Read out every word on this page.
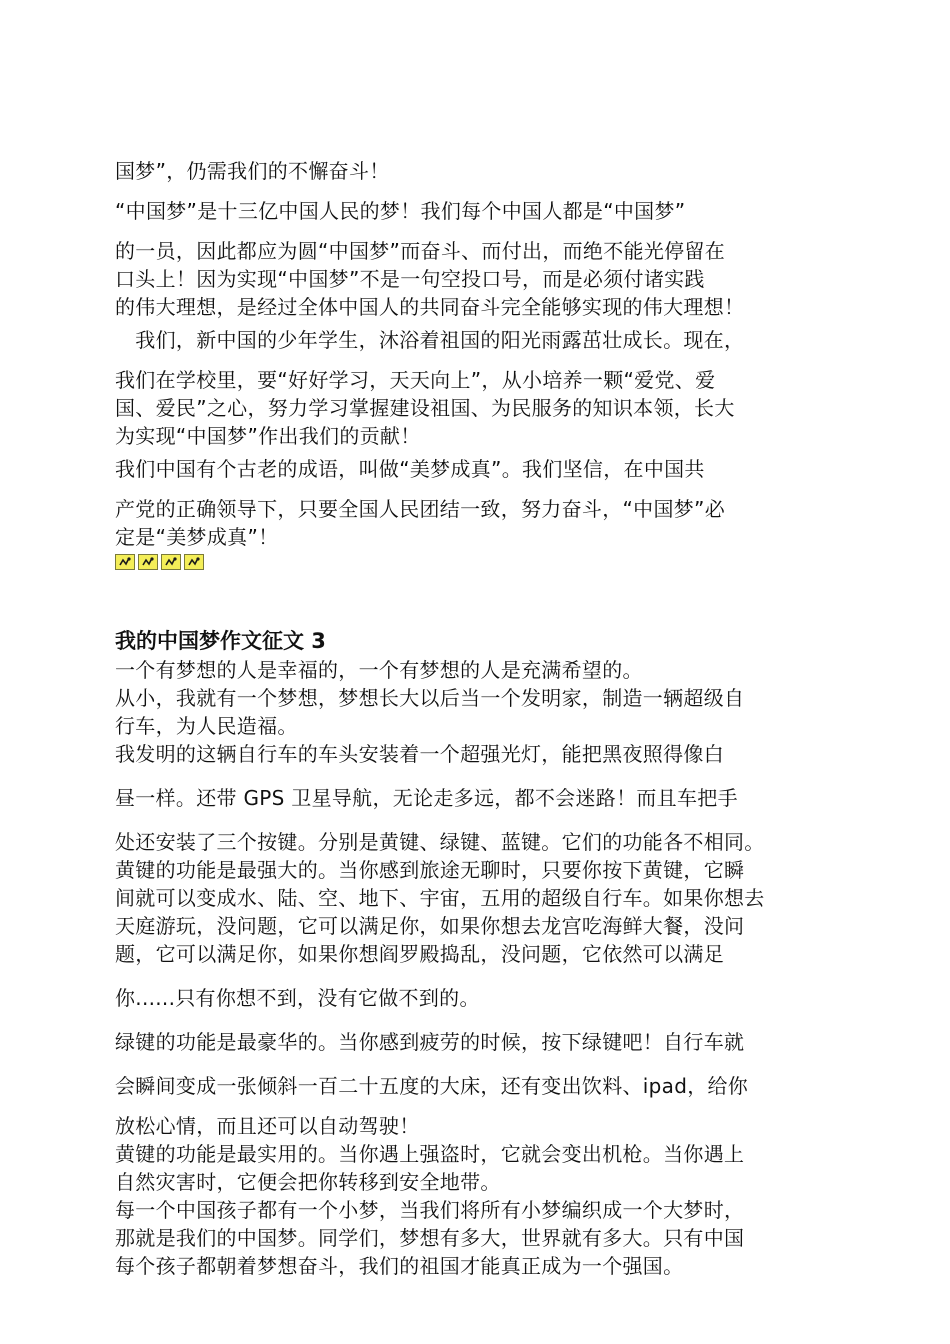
国梦”，仍需我们的不懈奋斗！
“中国梦”是十三亿中国人民的梦！我们每个中国人都是“中国梦”
的一员，因此都应为圆“中国梦”而奋斗、而付出，而绝不能光停留在
口头上！因为实现“中国梦”不是一句空投口号，而是必须付诸实践
的伟大理想，是经过全体中国人的共同奋斗完全能够实现的伟大理想！
　我们，新中国的少年学生，沐浴着祖国的阳光雨露茁壮成长。现在，
我们在学校里，要“好好学习，天天向上”，从小培养一颗“爱党、爱
国、爱民”之心，努力学习掌握建设祖国、为民服务的知识本领，长大
为实现“中国梦”作出我们的贡献！
我们中国有个古老的成语，叫做“美梦成真”。我们坚信，在中国共
产党的正确领导下，只要全国人民团结一致，努力奋斗，“中国梦”必
定是“美梦成真”！
我的中国梦作文征文 3
一个有梦想的人是幸福的，一个有梦想的人是充满希望的。
从小，我就有一个梦想，梦想长大以后当一个发明家，制造一辆超级自
行车，为人民造福。
我发明的这辆自行车的车头安装着一个超强光灯，能把黑夜照得像白
昼一样。还带 GPS 卫星导航，无论走多远，都不会迷路！而且车把手
处还安装了三个按键。分别是黄键、绿键、蓝键。它们的功能各不相同。
黄键的功能是最强大的。当你感到旅途无聊时，只要你按下黄键，它瞬
间就可以变成水、陆、空、地下、宇宙，五用的超级自行车。如果你想去
天庭游玩，没问题，它可以满足你，如果你想去龙宫吃海鲜大餐，没问
题，它可以满足你，如果你想阎罗殿捣乱，没问题，它依然可以满足
你......只有你想不到，没有它做不到的。
绿键的功能是最豪华的。当你感到疲劳的时候，按下绿键吧！自行车就
会瞬间变成一张倾斜一百二十五度的大床，还有变出饮料、ipad，给你
放松心情，而且还可以自动驾驶！
黄键的功能是最实用的。当你遇上强盗时，它就会变出机枪。当你遇上
自然灾害时，它便会把你转移到安全地带。
每一个中国孩子都有一个小梦，当我们将所有小梦编织成一个大梦时，
那就是我们的中国梦。同学们，梦想有多大，世界就有多大。只有中国
每个孩子都朝着梦想奋斗，我们的祖国才能真正成为一个强国。
